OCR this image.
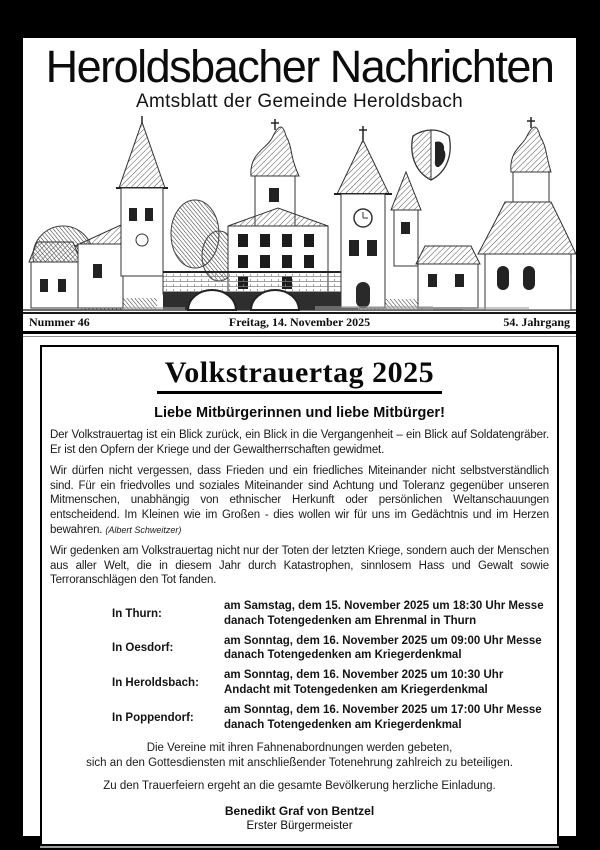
Heroldsbacher Nachrichten
Amtsblatt der Gemeinde Heroldsbach
Nummer 46	Freitag, 14. November 2025	54. Jahrgang
Volkstrauertag 2025
Liebe Mitbürgerinnen und liebe Mitbürger!

Der Volkstrauertag ist ein Blick zurück, ein Blick in die Vergangenheit – ein Blick auf Soldatengräber. Er ist den Opfern der Kriege und der Gewaltherrschaften gewidmet.

Wir dürfen nicht vergessen, dass Frieden und ein friedliches Miteinander nicht selbstverständlich sind. Für ein friedvolles und soziales Miteinander sind Achtung und Toleranz gegenüber unseren Mitmenschen, unabhängig von ethnischer Herkunft oder persönlichen Weltanschauungen entscheidend. Im Kleinen wie im Großen - dies wollen wir für uns im Gedächtnis und im Herzen bewahren. (Albert Schweitzer)

Wir gedenken am Volkstrauertag nicht nur der Toten der letzten Kriege, sondern auch der Menschen aus aller Welt, die in diesem Jahr durch Katastrophen, sinnlosem Hass und Gewalt sowie Terroranschlägen den Tot fanden.

In Thurn:
am Samstag, dem 15. November 2025 um 18:30 Uhr Messe
danach Totengedenken am Ehrenmal in Thurn
In Oesdorf:
am Sonntag, dem 16. November 2025 um 09:00 Uhr Messe
danach Totengedenken am Kriegerdenkmal
In Heroldsbach:
am Sonntag, dem 16. November 2025 um 10:30 Uhr
Andacht mit Totengedenken am Kriegerdenkmal
In Poppendorf:
am Sonntag, dem 16. November 2025 um 17:00 Uhr Messe
danach Totengedenken am Kriegerdenkmal
Die Vereine mit ihren Fahnenabordnungen werden gebeten,
sich an den Gottesdiensten mit anschließender Totenehrung zahlreich zu beteiligen.
Zu den Trauerfeiern ergeht an die gesamte Bevölkerung herzliche Einladung.
Benedikt Graf von Bentzel
Erster Bürgermeister
